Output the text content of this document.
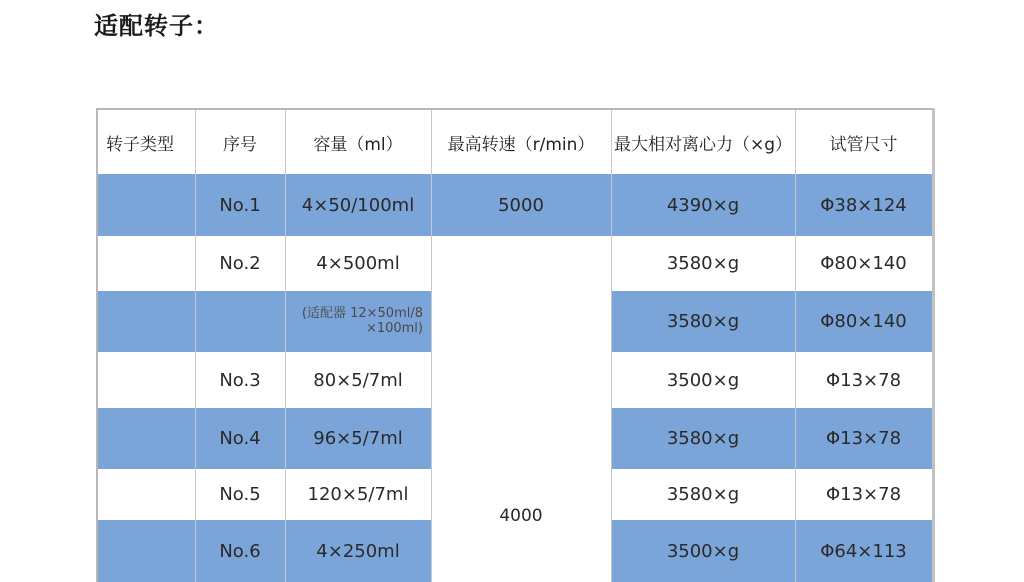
适配转子：
转子类型	序号	容量（ml）	最高转速（r/min）	最大相对离心力（×g）	试管尺寸
	No.1	4×50/100ml	5000	4390×g	Φ38×124
	No.2	4×500ml	4000	3580×g	Φ80×140
		(适配器 12×50ml/8 ×100ml)		3580×g	Φ80×140
	No.3	80×5/7ml		3500×g	Φ13×78
	No.4	96×5/7ml		3580×g	Φ13×78
	No.5	120×5/7ml		3580×g	Φ13×78
	No.6	4×250ml		3500×g	Φ64×113
